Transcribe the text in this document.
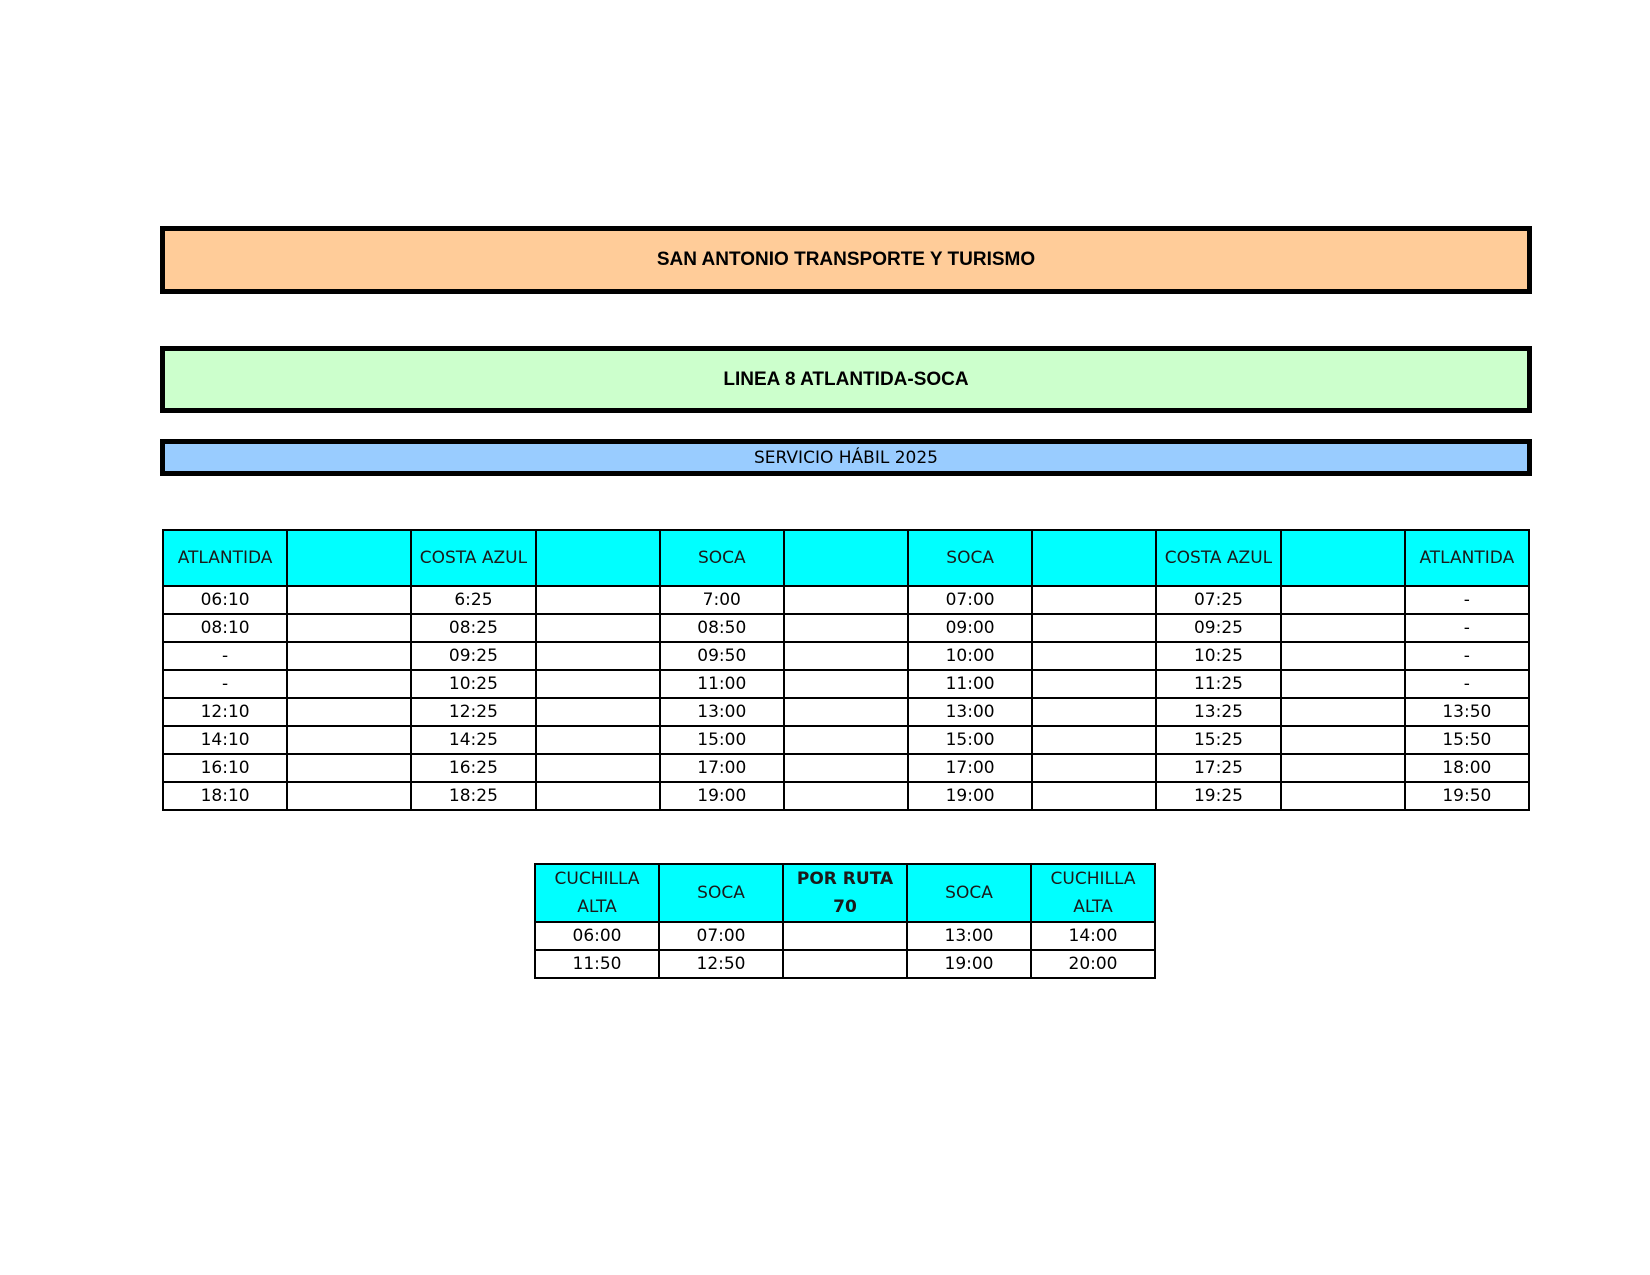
SAN ANTONIO TRANSPORTE Y TURISMO
LINEA 8 ATLANTIDA-SOCA
SERVICIO HÁBIL 2025
ATLANTIDA		COSTA AZUL		SOCA		SOCA		COSTA AZUL		ATLANTIDA
06:10		6:25		7:00		07:00		07:25		-
08:10		08:25		08:50		09:00		09:25		-
-		09:25		09:50		10:00		10:25		-
-		10:25		11:00		11:00		11:25		-
12:10		12:25		13:00		13:00		13:25		13:50
14:10		14:25		15:00		15:00		15:25		15:50
16:10		16:25		17:00		17:00		17:25		18:00
18:10		18:25		19:00		19:00		19:25		19:50
CUCHILLA ALTA	SOCA	POR RUTA 70	SOCA	CUCHILLA ALTA
06:00	07:00		13:00	14:00
11:50	12:50		19:00	20:00
